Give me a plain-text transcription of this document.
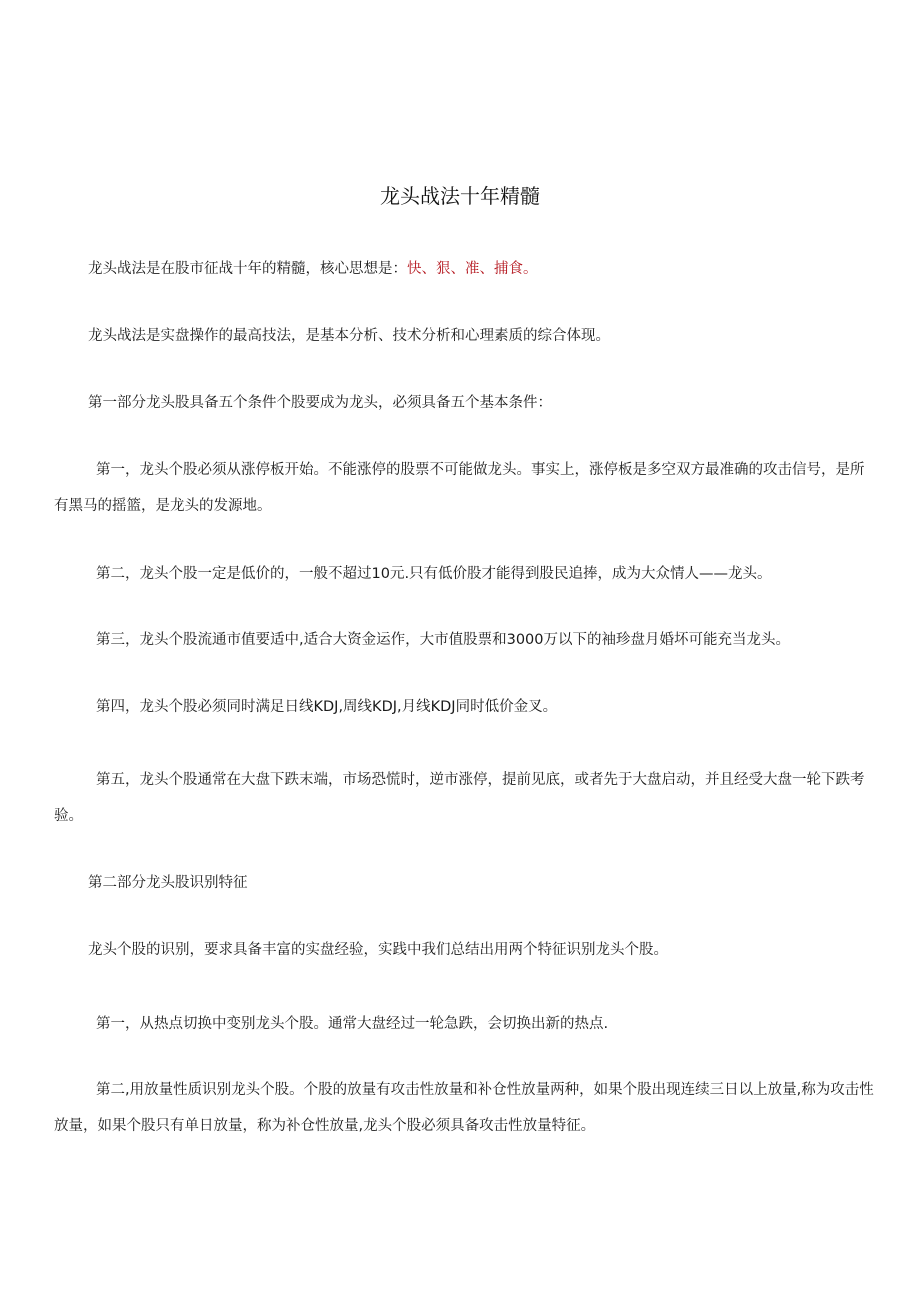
龙头战法十年精髓
龙头战法是在股市征战十年的精髓，核心思想是：快、狠、准、捕食。
龙头战法是实盘操作的最高技法，是基本分析、技术分析和心理素质的综合体现。
第一部分龙头股具备五个条件个股要成为龙头，必须具备五个基本条件：
第一，龙头个股必须从涨停板开始。不能涨停的股票不可能做龙头。事实上，涨停板是多空双方最准确的攻击信号，是所有黑马的摇篮，是龙头的发源地。
第二，龙头个股一定是低价的，一般不超过10元.只有低价股才能得到股民追捧，成为大众情人——龙头。
第三，龙头个股流通市值要适中,适合大资金运作，大市值股票和3000万以下的袖珍盘月婚坏可能充当龙头。
第四，龙头个股必须同时满足日线KDJ,周线KDJ,月线KDJ同时低价金叉。
第五，龙头个股通常在大盘下跌末端，市场恐慌时，逆市涨停，提前见底，或者先于大盘启动，并且经受大盘一轮下跌考验。
第二部分龙头股识别特征
龙头个股的识别，要求具备丰富的实盘经验，实践中我们总结出用两个特征识别龙头个股。
第一，从热点切换中变别龙头个股。通常大盘经过一轮急跌，会切换出新的热点.
第二,用放量性质识别龙头个股。个股的放量有攻击性放量和补仓性放量两种，如果个股出现连续三日以上放量,称为攻击性放量，如果个股只有单日放量，称为补仓性放量,龙头个股必须具备攻击性放量特征。
